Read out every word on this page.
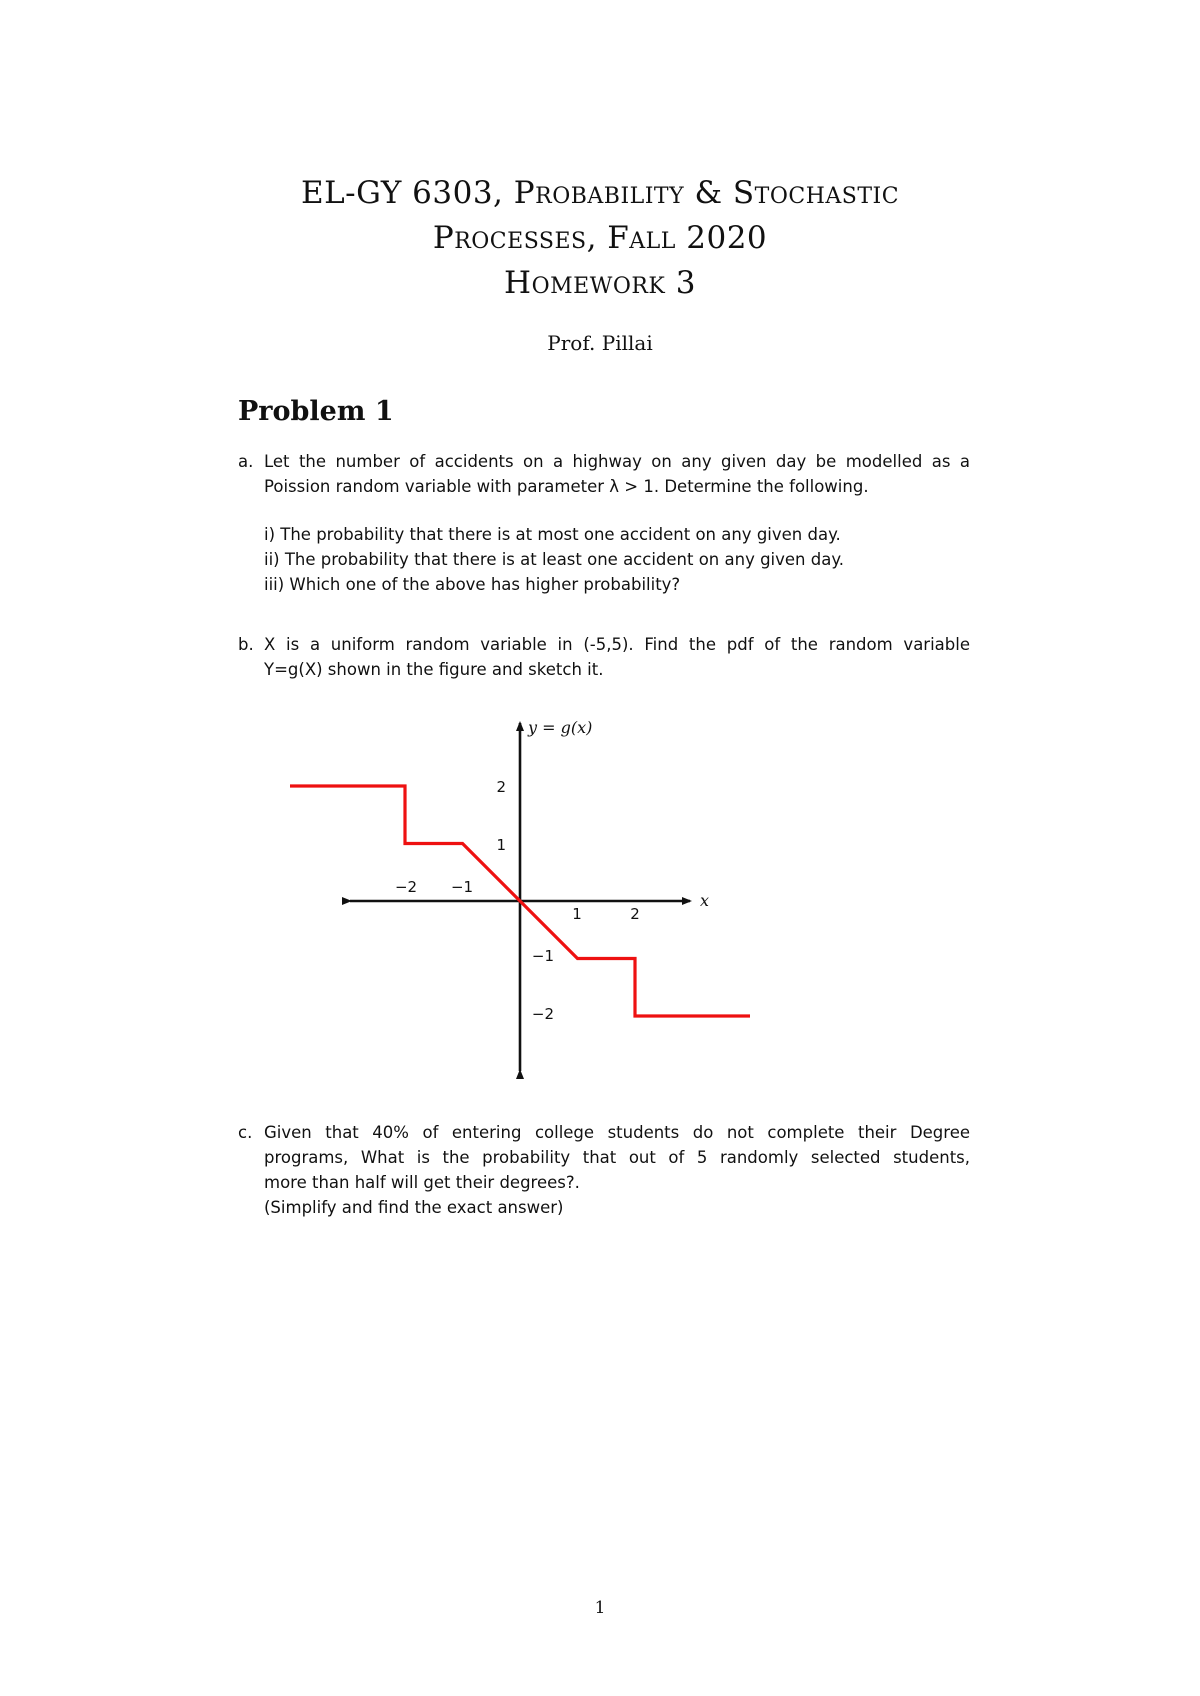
EL-GY 6303, Probability & Stochastic
Processes, Fall 2020
Homework 3
Prof. Pillai
Problem 1
a. Let the number of accidents on a highway on any given day be modelled as a
Poission random variable with parameter λ > 1. Determine the following.
i) The probability that there is at most one accident on any given day.
ii) The probability that there is at least one accident on any given day.
iii) Which one of the above has higher probability?
b. X is a uniform random variable in (-5,5). Find the pdf of the random variable
Y=g(X) shown in the figure and sketch it.
y = g(x)
x
−2 −1
1	2
2
1
−1
−2
c. Given that 40% of entering college students do not complete their Degree
programs, What is the probability that out of 5 randomly selected students,
more than half will get their degrees?.
(Simplify and find the exact answer)
1
